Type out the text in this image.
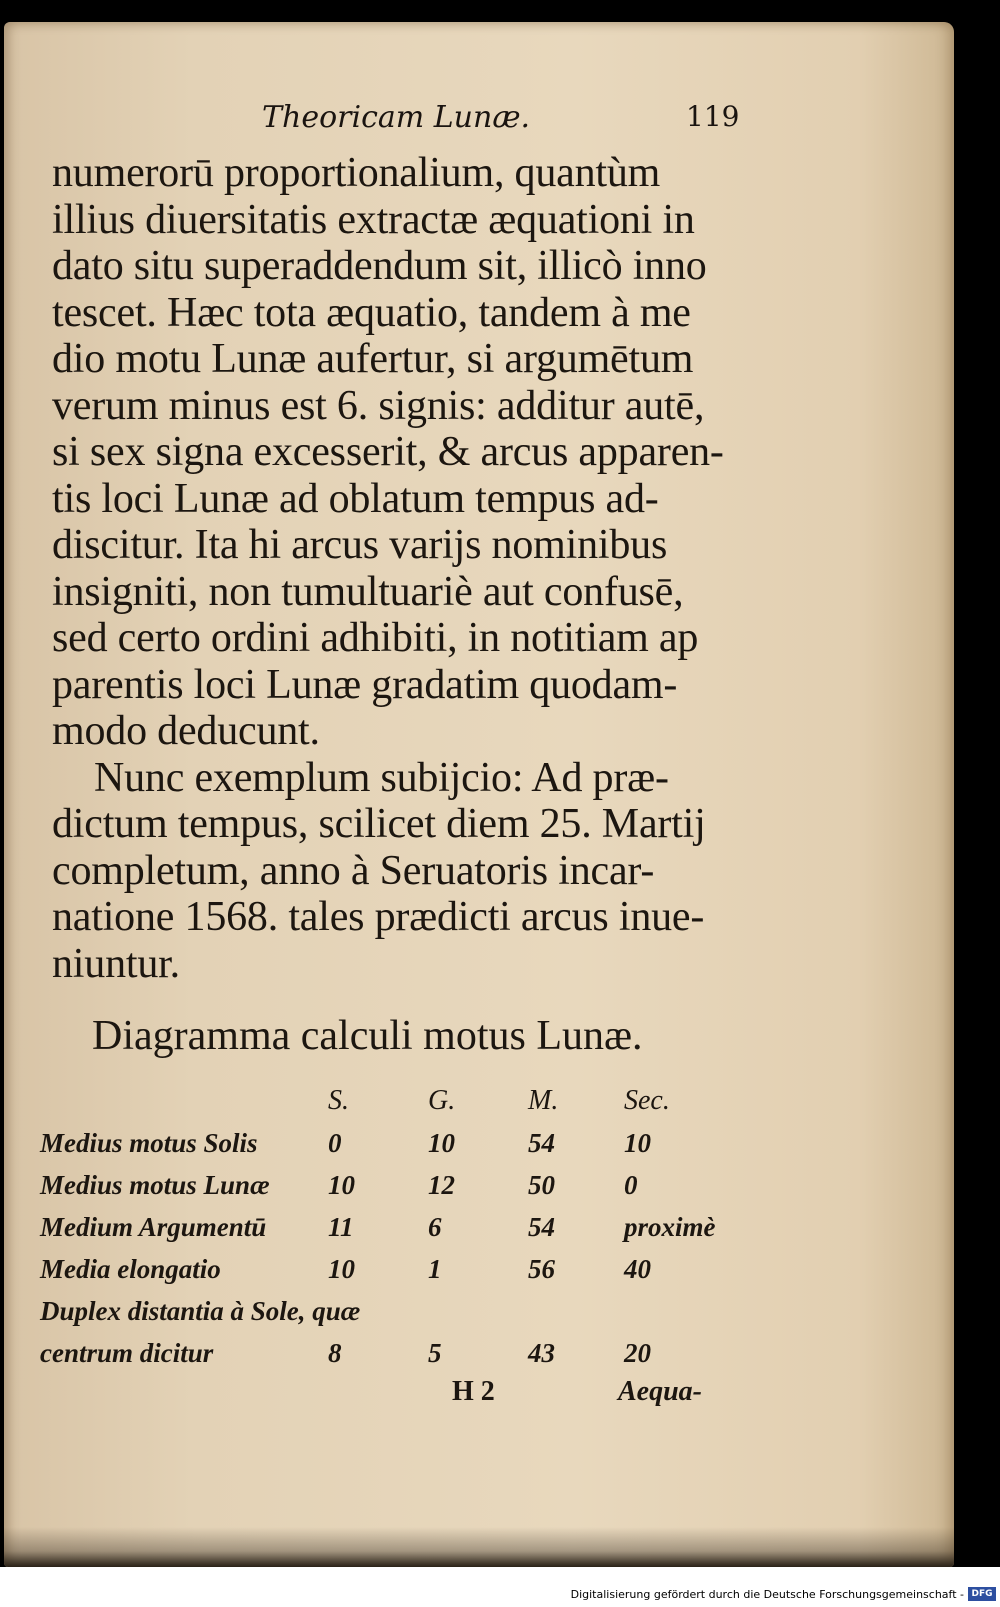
Theoricam Lunæ.	119
numerorū proportionalium, quantùm
illius diuersitatis extractæ æquationi in
dato situ superaddendum sit, illicò inno
tescet. Hæc tota æquatio, tandem à me
dio motu Lunæ aufertur, si argumētum
verum minus est 6. signis: additur autē,
si sex signa excesserit, & arcus apparen-
tis loci Lunæ ad oblatum tempus ad-
discitur. Ita hi arcus varijs nominibus
insigniti, non tumultuariè aut confusē,
sed certo ordini adhibiti, in notitiam ap
parentis loci Lunæ gradatim quodam-
modo deducunt.
Nunc exemplum subijcio: Ad præ-
dictum tempus, scilicet diem 25. Martij
completum, anno à Seruatoris incar-
natione 1568. tales prædicti arcus inue-
niuntur.
Diagramma calculi motus Lunæ.
	S.	G.	M.	Sec.
Medius motus Solis	0	10	54	10
Medius motus Lunæ	10	12	50	0
Medium Argumentū	11	6	54	proximè
Media elongatio	10	1	56	40
Duplex distantia à Sole, quæ				
centrum dicitur	8	5	43	20
H 2	Aequa-
Digitalisierung gefördert durch die Deutsche Forschungsgemeinschaft - DFG
